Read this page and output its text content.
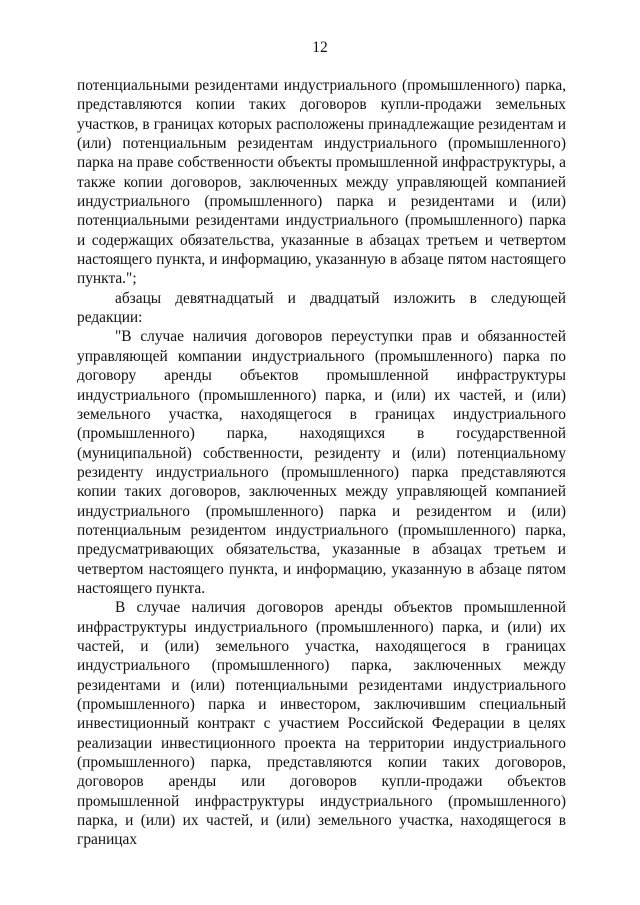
12

потенциальными резидентами индустриального (промышленного) парка, представляются копии таких договоров купли-продажи земельных участков, в границах которых расположены принадлежащие резидентам и (или) потенциальным резидентам индустриального (промышленного) парка на праве собственности объекты промышленной инфраструктуры, а также копии договоров, заключенных между управляющей компанией индустриального (промышленного) парка и резидентами и (или) потенциальными резидентами индустриального (промышленного) парка и содержащих обязательства, указанные в абзацах третьем и четвертом настоящего пункта, и информацию, указанную в абзаце пятом настоящего пункта.";

абзацы девятнадцатый и двадцатый изложить в следующей редакции:

"В случае наличия договоров переуступки прав и обязанностей управляющей компании индустриального (промышленного) парка по договору аренды объектов промышленной инфраструктуры индустриального (промышленного) парка, и (или) их частей, и (или) земельного участка, находящегося в границах индустриального (промышленного) парка, находящихся в государственной (муниципальной) собственности, резиденту и (или) потенциальному резиденту индустриального (промышленного) парка представляются копии таких договоров, заключенных между управляющей компанией индустриального (промышленного) парка и резидентом и (или) потенциальным резидентом индустриального (промышленного) парка, предусматривающих обязательства, указанные в абзацах третьем и четвертом настоящего пункта, и информацию, указанную в абзаце пятом настоящего пункта.

В случае наличия договоров аренды объектов промышленной инфраструктуры индустриального (промышленного) парка, и (или) их частей, и (или) земельного участка, находящегося в границах индустриального (промышленного) парка, заключенных между резидентами и (или) потенциальными резидентами индустриального (промышленного) парка и инвестором, заключившим специальный инвестиционный контракт с участием Российской Федерации в целях реализации инвестиционного проекта на территории индустриального (промышленного) парка, представляются копии таких договоров, договоров аренды или договоров купли-продажи объектов промышленной инфраструктуры индустриального (промышленного) парка, и (или) их частей, и (или) земельного участка, находящегося в границах
